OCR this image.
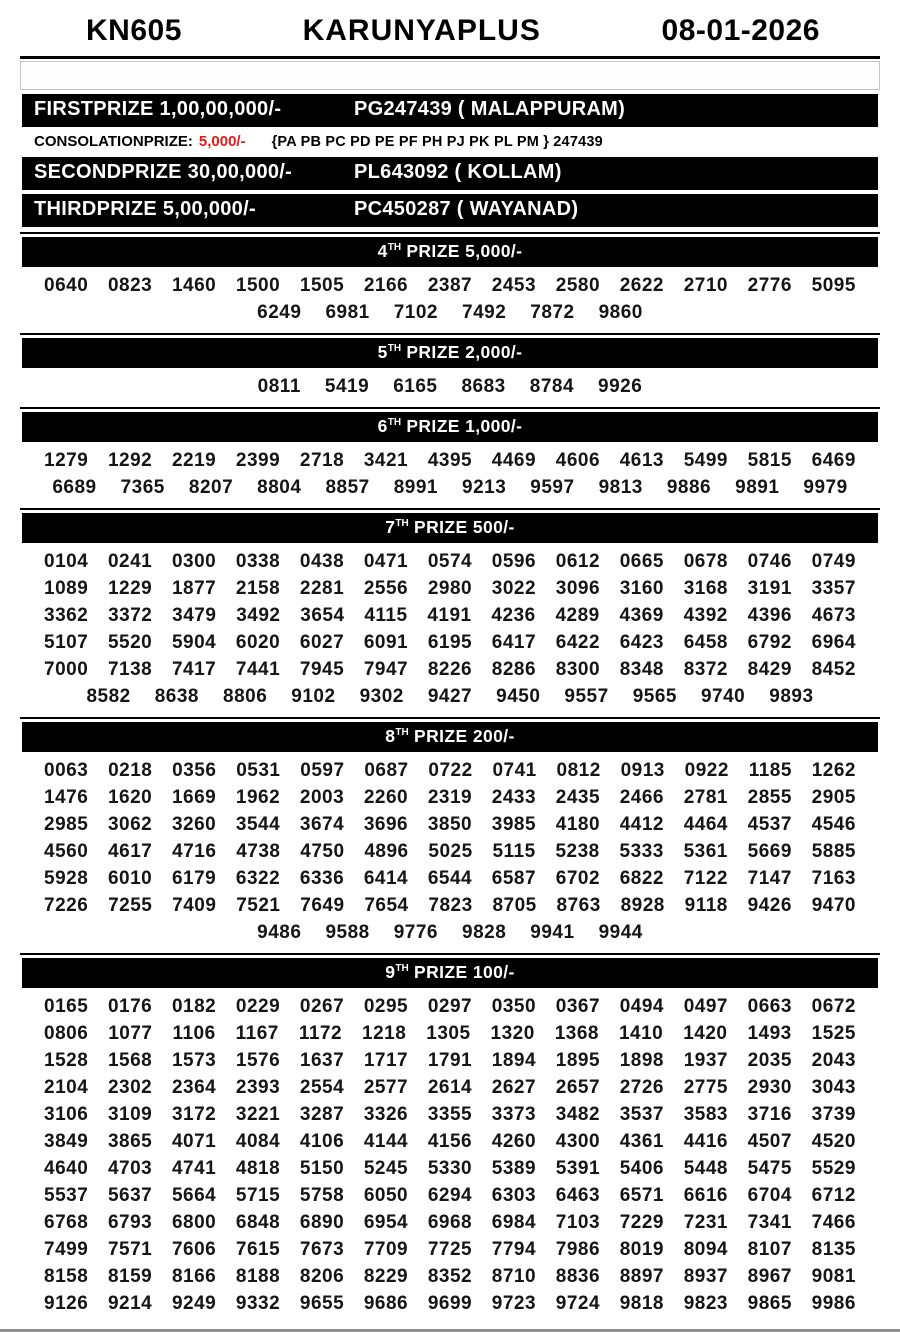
KN605	KARUNYAPLUS	08-01-2026
FIRSTPRIZE 1,00,00,000/-	PG247439 ( MALAPPURAM)
CONSOLATIONPRIZE: 5,000/- {PA PB PC PD PE PF PH PJ PK PL PM } 247439
SECONDPRIZE 30,00,000/-	PL643092 ( KOLLAM)
THIRDPRIZE 5,00,000/-	PC450287 ( WAYANAD)
4TH PRIZE 5,000/-
0640 0823 1460 1500 1505 2166 2387 2453 2580 2622 2710 2776 5095
6249 6981 7102 7492 7872 9860
5TH PRIZE 2,000/-
0811 5419 6165 8683 8784 9926
6TH PRIZE 1,000/-
1279 1292 2219 2399 2718 3421 4395 4469 4606 4613 5499 5815 6469
6689 7365 8207 8804 8857 8991 9213 9597 9813 9886 9891 9979
7TH PRIZE 500/-
0104 0241 0300 0338 0438 0471 0574 0596 0612 0665 0678 0746 0749
1089 1229 1877 2158 2281 2556 2980 3022 3096 3160 3168 3191 3357
3362 3372 3479 3492 3654 4115 4191 4236 4289 4369 4392 4396 4673
5107 5520 5904 6020 6027 6091 6195 6417 6422 6423 6458 6792 6964
7000 7138 7417 7441 7945 7947 8226 8286 8300 8348 8372 8429 8452
8582 8638 8806 9102 9302 9427 9450 9557 9565 9740 9893
8TH PRIZE 200/-
0063 0218 0356 0531 0597 0687 0722 0741 0812 0913 0922 1185 1262
1476 1620 1669 1962 2003 2260 2319 2433 2435 2466 2781 2855 2905
2985 3062 3260 3544 3674 3696 3850 3985 4180 4412 4464 4537 4546
4560 4617 4716 4738 4750 4896 5025 5115 5238 5333 5361 5669 5885
5928 6010 6179 6322 6336 6414 6544 6587 6702 6822 7122 7147 7163
7226 7255 7409 7521 7649 7654 7823 8705 8763 8928 9118 9426 9470
9486 9588 9776 9828 9941 9944
9TH PRIZE 100/-
0165 0176 0182 0229 0267 0295 0297 0350 0367 0494 0497 0663 0672
0806 1077 1106 1167 1172 1218 1305 1320 1368 1410 1420 1493 1525
1528 1568 1573 1576 1637 1717 1791 1894 1895 1898 1937 2035 2043
2104 2302 2364 2393 2554 2577 2614 2627 2657 2726 2775 2930 3043
3106 3109 3172 3221 3287 3326 3355 3373 3482 3537 3583 3716 3739
3849 3865 4071 4084 4106 4144 4156 4260 4300 4361 4416 4507 4520
4640 4703 4741 4818 5150 5245 5330 5389 5391 5406 5448 5475 5529
5537 5637 5664 5715 5758 6050 6294 6303 6463 6571 6616 6704 6712
6768 6793 6800 6848 6890 6954 6968 6984 7103 7229 7231 7341 7466
7499 7571 7606 7615 7673 7709 7725 7794 7986 8019 8094 8107 8135
8158 8159 8166 8188 8206 8229 8352 8710 8836 8897 8937 8967 9081
9126 9214 9249 9332 9655 9686 9699 9723 9724 9818 9823 9865 9986
